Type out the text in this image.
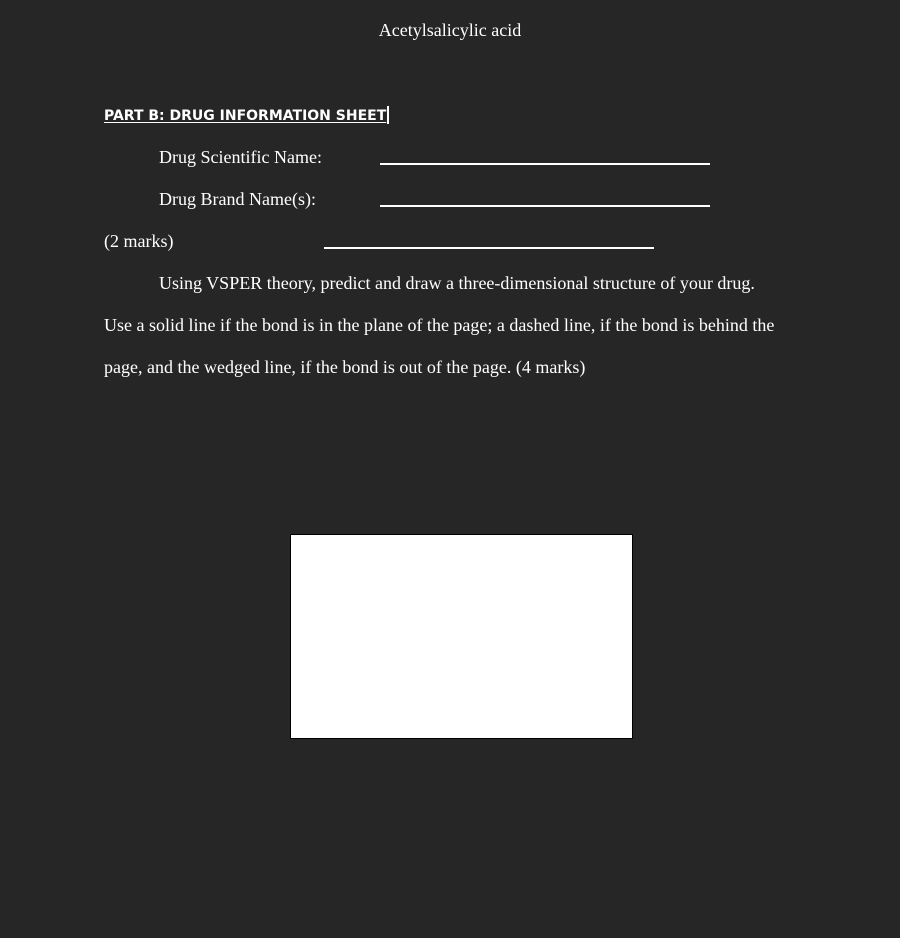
Acetylsalicylic acid
PART B: DRUG INFORMATION SHEET
Drug Scientific Name:
Drug Brand Name(s):
(2 marks)
Using VSPER theory, predict and draw a three-dimensional structure of your drug.
Use a solid line if the bond is in the plane of the page; a dashed line, if the bond is behind the
page, and the wedged line, if the bond is out of the page. (4 marks)
